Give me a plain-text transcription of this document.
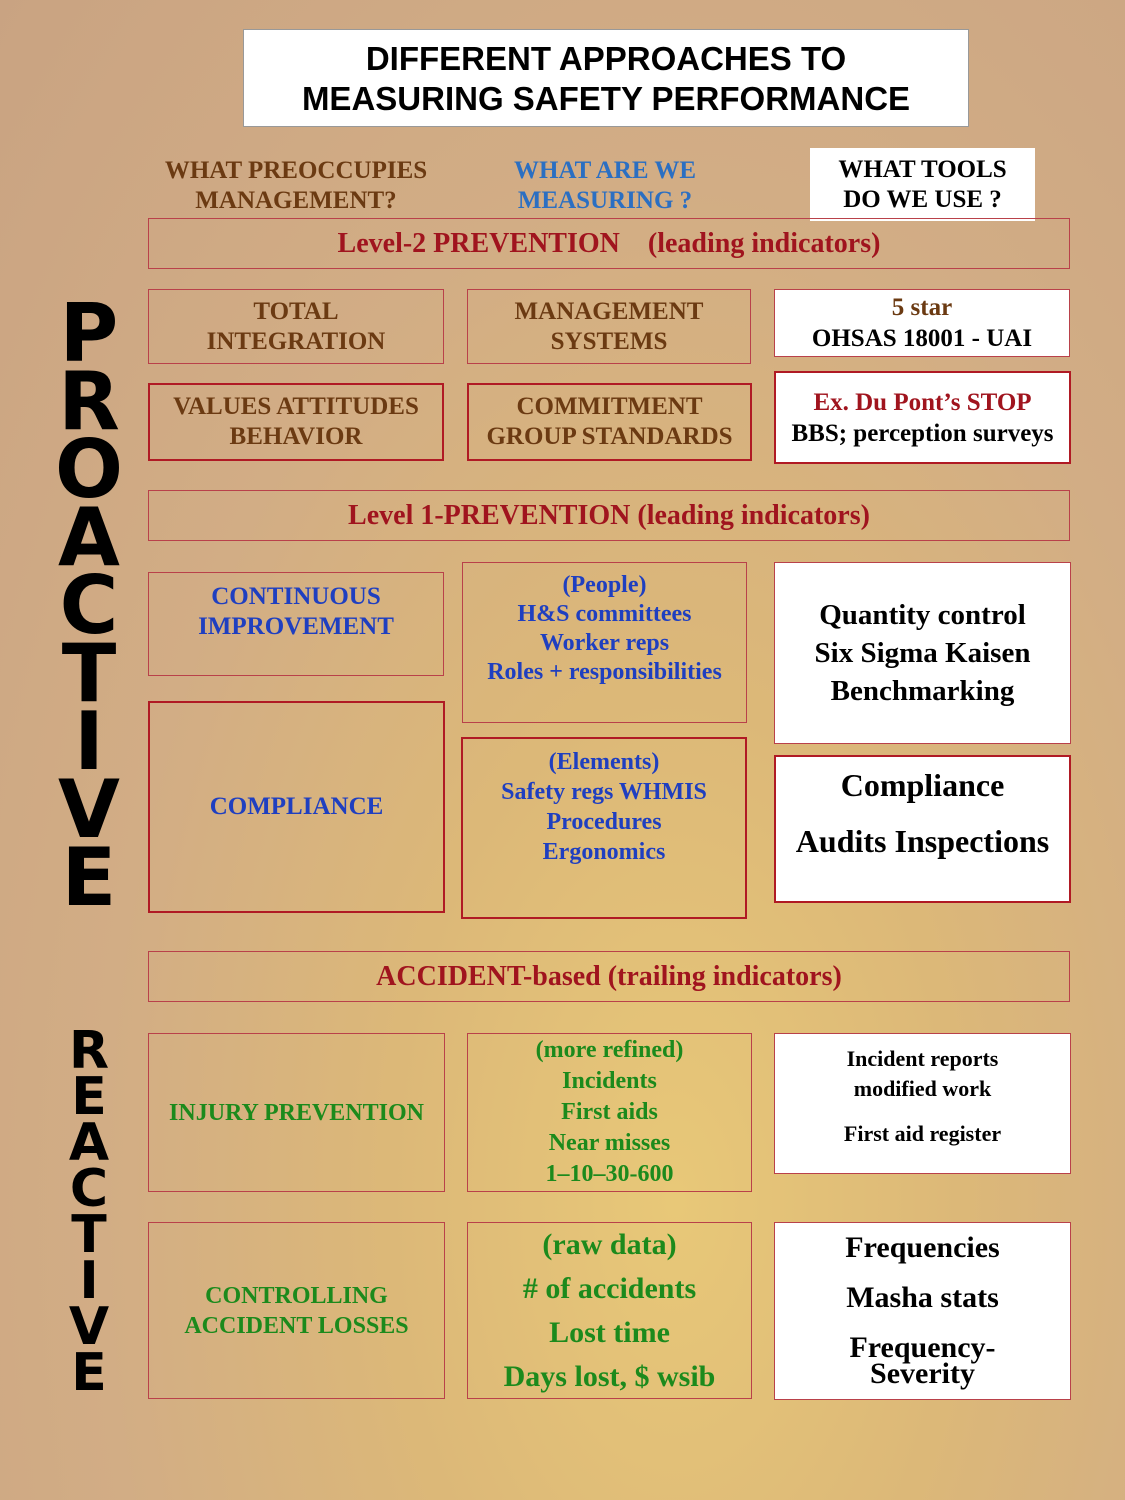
DIFFERENT APPROACHES TO
MEASURING SAFETY PERFORMANCE
WHAT PREOCCUPIES
MANAGEMENT?
WHAT ARE WE
MEASURING ?
WHAT TOOLS
DO WE USE ?
P
R
O
A
C
T
I
V
E
R
E
A
C
T
I
V
E
Level-2 PREVENTION    (leading indicators)
TOTAL
INTEGRATION
MANAGEMENT
SYSTEMS
5 star
OHSAS 18001 - UAI
VALUES ATTITUDES
BEHAVIOR
COMMITMENT
GROUP STANDARDS
Ex. Du Pont’s STOP
BBS; perception surveys
Level 1-PREVENTION (leading indicators)
CONTINUOUS
IMPROVEMENT
(People)
H&S committees
Worker reps
Roles + responsibilities
Quantity control
Six Sigma Kaisen
Benchmarking
COMPLIANCE
(Elements)
Safety regs WHMIS
Procedures
Ergonomics
Compliance
Audits Inspections
ACCIDENT-based (trailing indicators)
INJURY PREVENTION
(more refined)
Incidents
First aids
Near misses
1–10–30-600
Incident reports
modified work
First aid register
CONTROLLING
ACCIDENT LOSSES
(raw data)
# of accidents
Lost time
Days lost, $ wsib
Frequencies
Masha stats
Frequency-
Severity
